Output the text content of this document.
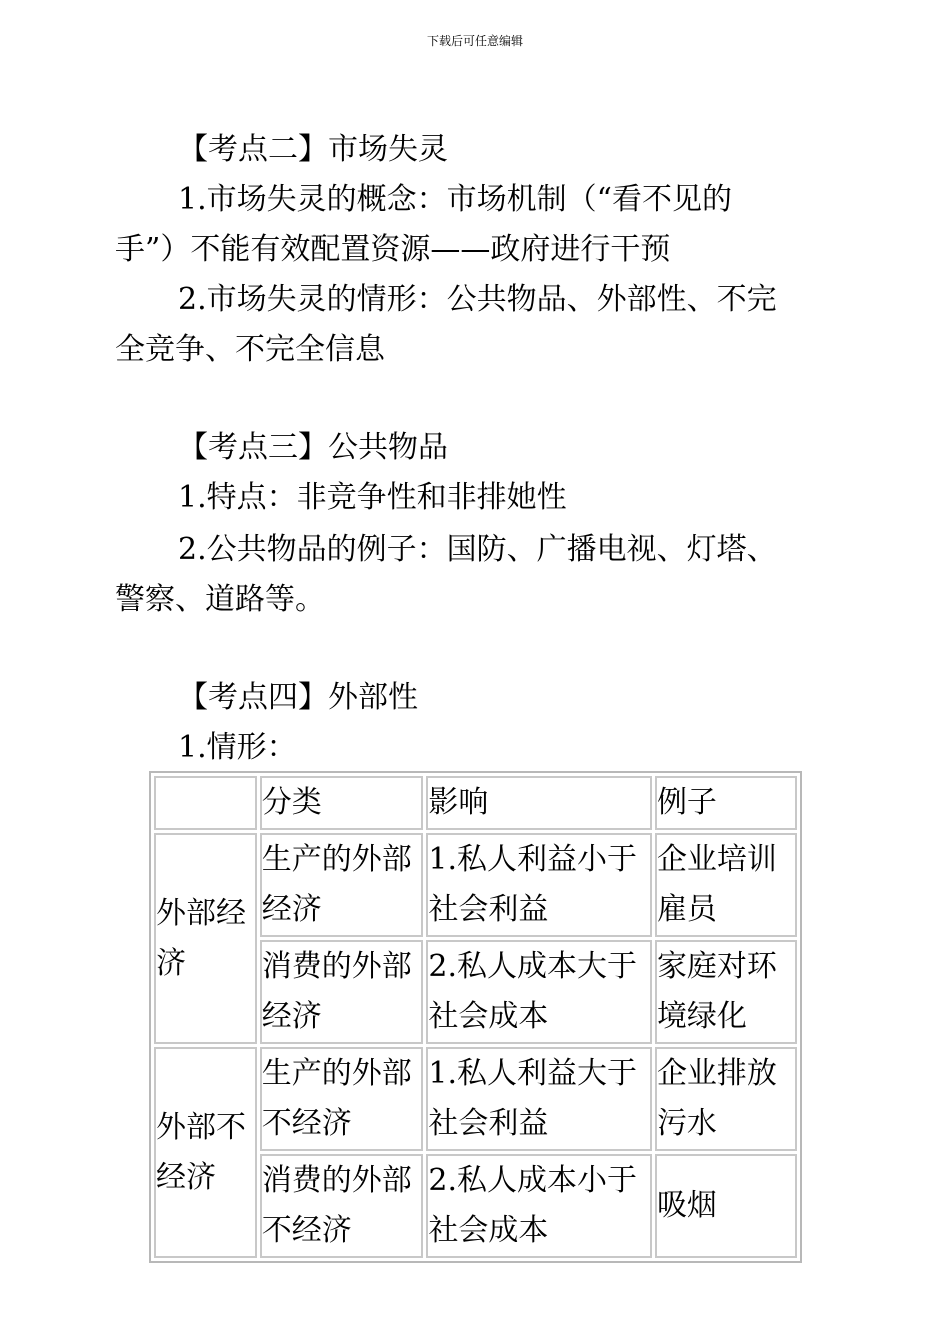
下载后可任意编辑
【考点二】市场失灵
1.市场失灵的概念：市场机制（“看不见的
手”）不能有效配置资源——政府进行干预
2.市场失灵的情形：公共物品、外部性、不完
全竞争、不完全信息
【考点三】公共物品
1.特点：非竞争性和非排她性
2.公共物品的例子：国防、广播电视、灯塔、
警察、道路等。
【考点四】外部性
1.情形：
	分类	影响	例子
外部经济	生产的外部经济	1.私人利益小于社会利益	企业培训雇员
	消费的外部经济	2.私人成本大于社会成本	家庭对环境绿化
外部不经济	生产的外部不经济	1.私人利益大于社会利益	企业排放污水
	消费的外部不经济	2.私人成本小于社会成本	吸烟
